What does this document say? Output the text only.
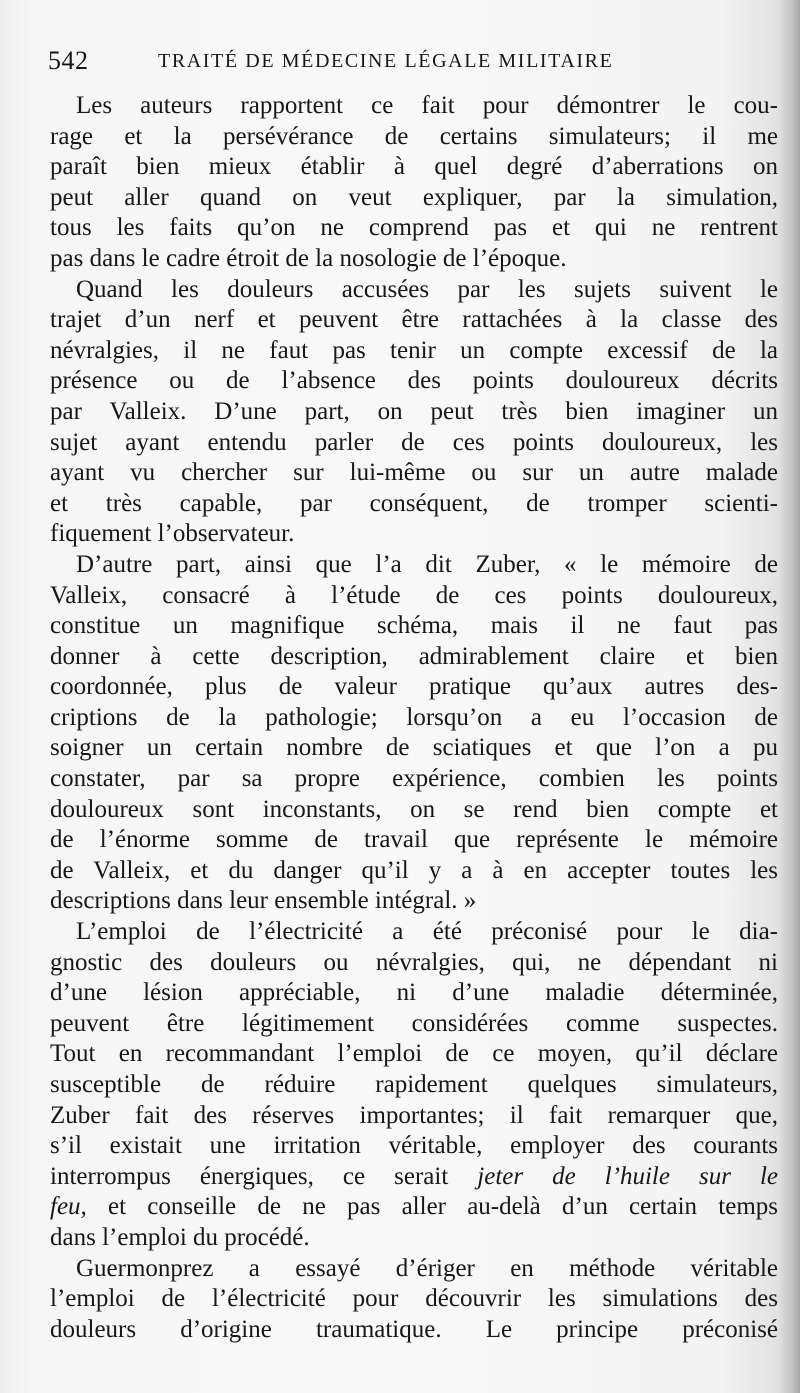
542	TRAITÉ DE MÉDECINE LÉGALE MILITAIRE
Les auteurs rapportent ce fait pour démontrer le cou-
rage et la persévérance de certains simulateurs; il me
paraît bien mieux établir à quel degré d’aberrations on
peut aller quand on veut expliquer, par la simulation,
tous les faits qu’on ne comprend pas et qui ne rentrent
pas dans le cadre étroit de la nosologie de l’époque.
Quand les douleurs accusées par les sujets suivent le
trajet d’un nerf et peuvent être rattachées à la classe des
névralgies, il ne faut pas tenir un compte excessif de la
présence ou de l’absence des points douloureux décrits
par Valleix. D’une part, on peut très bien imaginer un
sujet ayant entendu parler de ces points douloureux, les
ayant vu chercher sur lui-même ou sur un autre malade
et très capable, par conséquent, de tromper scienti-
fiquement l’observateur.
D’autre part, ainsi que l’a dit Zuber, « le mémoire de
Valleix, consacré à l’étude de ces points douloureux,
constitue un magnifique schéma, mais il ne faut pas
donner à cette description, admirablement claire et bien
coordonnée, plus de valeur pratique qu’aux autres des-
criptions de la pathologie; lorsqu’on a eu l’occasion de
soigner un certain nombre de sciatiques et que l’on a pu
constater, par sa propre expérience, combien les points
douloureux sont inconstants, on se rend bien compte et
de l’énorme somme de travail que représente le mémoire
de Valleix, et du danger qu’il y a à en accepter toutes les
descriptions dans leur ensemble intégral. »
L’emploi de l’électricité a été préconisé pour le dia-
gnostic des douleurs ou névralgies, qui, ne dépendant ni
d’une lésion appréciable, ni d’une maladie déterminée,
peuvent être légitimement considérées comme suspectes.
Tout en recommandant l’emploi de ce moyen, qu’il déclare
susceptible de réduire rapidement quelques simulateurs,
Zuber fait des réserves importantes; il fait remarquer que,
s’il existait une irritation véritable, employer des courants
interrompus énergiques, ce serait jeter de l’huile sur le
feu, et conseille de ne pas aller au-delà d’un certain temps
dans l’emploi du procédé.
Guermonprez a essayé d’ériger en méthode véritable
l’emploi de l’électricité pour découvrir les simulations des
douleurs d’origine traumatique. Le principe préconisé
